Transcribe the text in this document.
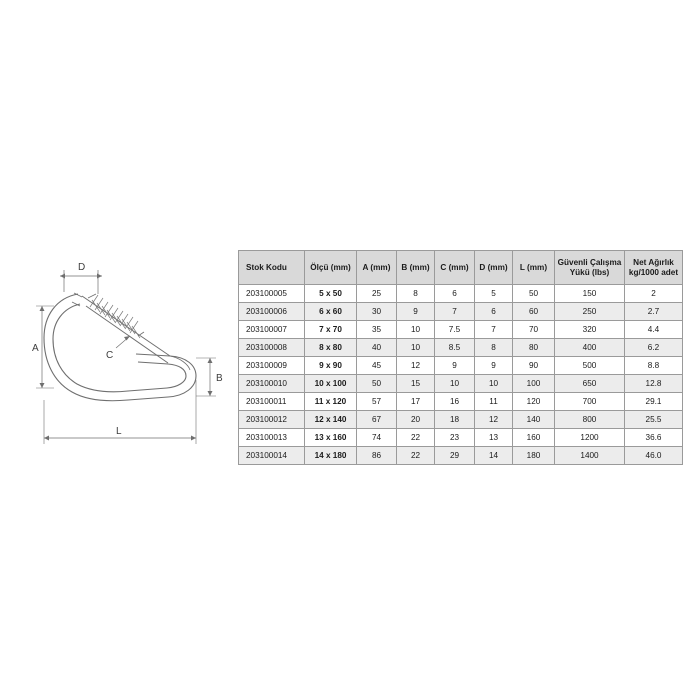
D
A
B
C
L
Stok Kodu	Ölçü (mm)	A (mm)	B (mm)	C (mm)	D (mm)	L (mm)	Güvenli Çalışma Yükü (lbs)	Net Ağırlık kg/1000 adet
203100005	5 x 50	25	8	6	5	50	150	2
203100006	6 x 60	30	9	7	6	60	250	2.7
203100007	7 x 70	35	10	7.5	7	70	320	4.4
203100008	8 x 80	40	10	8.5	8	80	400	6.2
203100009	9 x 90	45	12	9	9	90	500	8.8
203100010	10 x 100	50	15	10	10	100	650	12.8
203100011	11 x 120	57	17	16	11	120	700	29.1
203100012	12 x 140	67	20	18	12	140	800	25.5
203100013	13 x 160	74	22	23	13	160	1200	36.6
203100014	14 x 180	86	22	29	14	180	1400	46.0
